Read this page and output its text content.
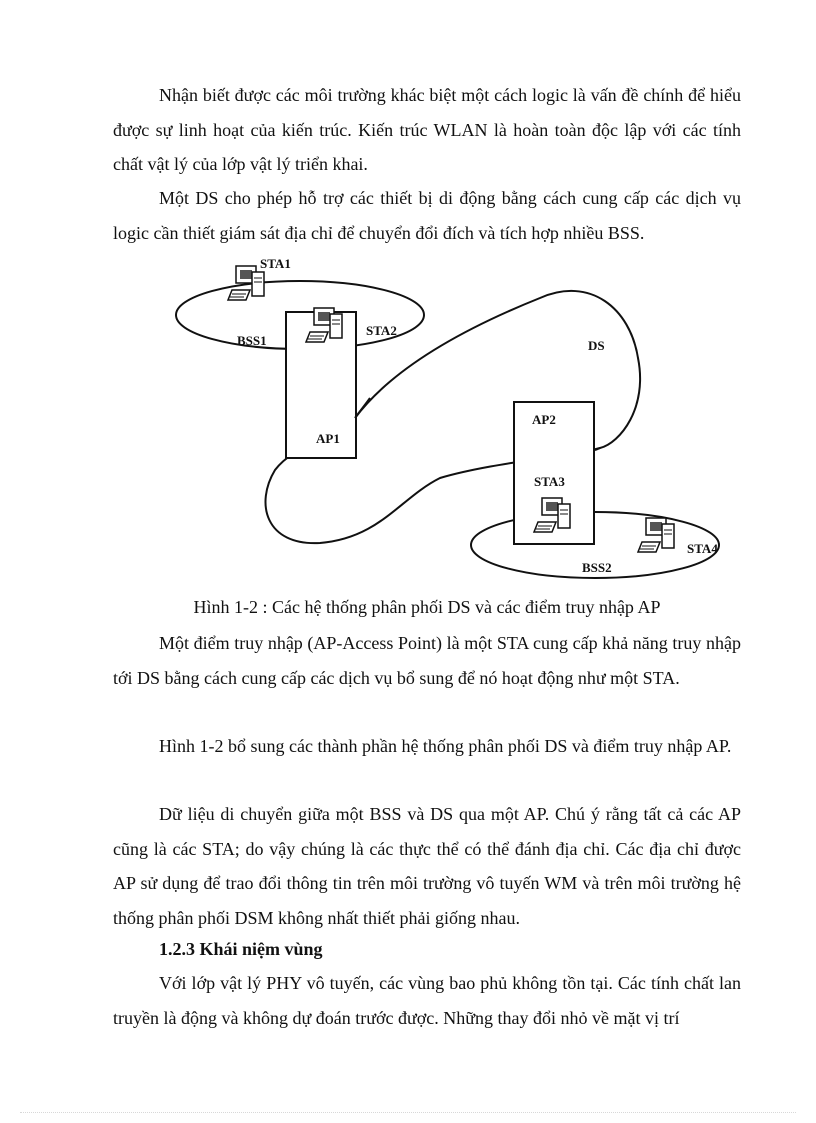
Nhận biết được các môi trường khác biệt một cách logic là vấn đề chính để hiểu được sự linh hoạt của kiến trúc. Kiến trúc WLAN là hoàn toàn độc lập với các tính chất vật lý của lớp vật lý triển khai.

Một DS cho phép hỗ trợ các thiết bị di động bằng cách cung cấp các dịch vụ logic cần thiết giám sát địa chỉ để chuyển đổi đích và tích hợp nhiều BSS.

STA1
STA2
BSS1	DS
AP1
AP2
STA3
STA4
BSS2

Hình 1-2 : Các hệ thống phân phối DS và các điểm truy nhập AP

Một điểm truy nhập (AP-Access Point) là một STA cung cấp khả năng truy nhập tới DS bằng cách cung cấp các dịch vụ bổ sung để nó hoạt động như một STA.

Hình 1-2 bổ sung các thành phần hệ thống phân phối DS và điểm truy nhập AP.

Dữ liệu di chuyển giữa một BSS và DS qua một AP. Chú ý rằng tất cả các AP cũng là các STA; do vậy chúng là các thực thể có thể đánh địa chỉ. Các địa chỉ được AP sử dụng để trao đổi thông tin trên môi trường vô tuyến WM và trên môi trường hệ thống phân phối DSM không nhất thiết phải giống nhau.

1.2.3 Khái niệm vùng

Với lớp vật lý PHY vô tuyến, các vùng bao phủ không tồn tại. Các tính chất lan truyền là động và không dự đoán trước được. Những thay đổi nhỏ về mặt vị trí
